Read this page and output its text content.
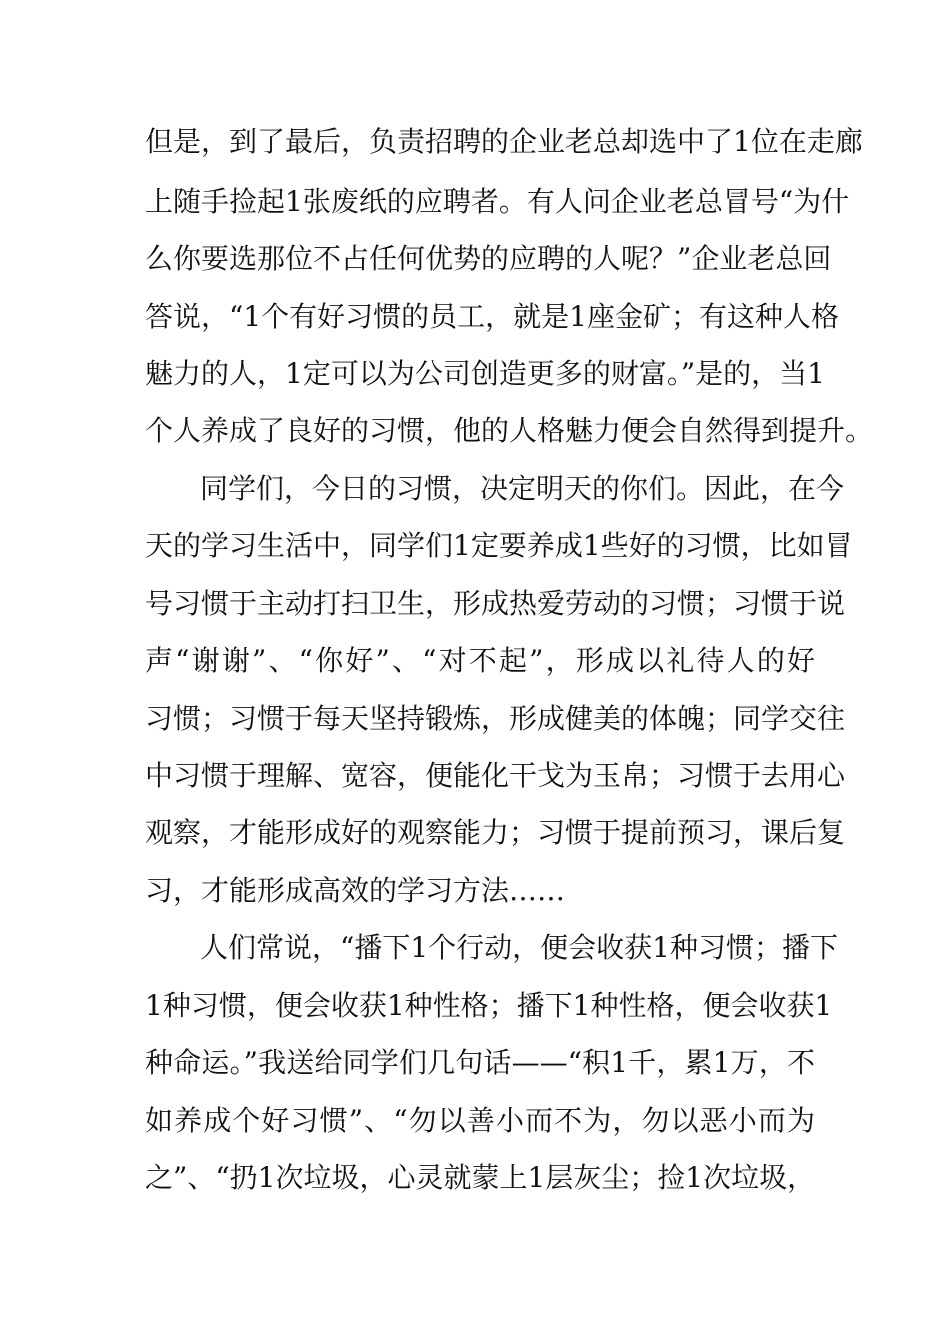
但是，到了最后，负责招聘的企业老总却选中了1位在走廊
上随手捡起1张废纸的应聘者。有人问企业老总冒号“为什
么你要选那位不占任何优势的应聘的人呢？”企业老总回
答说，“1个有好习惯的员工，就是1座金矿；有这种人格
魅力的人，1定可以为公司创造更多的财富。”是的，当1
个人养成了良好的习惯，他的人格魅力便会自然得到提升。
同学们，今日的习惯，决定明天的你们。因此，在今
天的学习生活中，同学们1定要养成1些好的习惯，比如冒
号习惯于主动打扫卫生，形成热爱劳动的习惯；习惯于说
声“谢谢”、“你好”、“对不起”，形成以礼待人的好
习惯；习惯于每天坚持锻炼，形成健美的体魄；同学交往
中习惯于理解、宽容，便能化干戈为玉帛；习惯于去用心
观察，才能形成好的观察能力；习惯于提前预习，课后复
习，才能形成高效的学习方法……
人们常说，“播下1个行动，便会收获1种习惯；播下
1种习惯，便会收获1种性格；播下1种性格，便会收获1
种命运。”我送给同学们几句话——“积1千，累1万，不
如养成个好习惯”、“勿以善小而不为，勿以恶小而为
之”、“扔1次垃圾，心灵就蒙上1层灰尘；捡1次垃圾，
